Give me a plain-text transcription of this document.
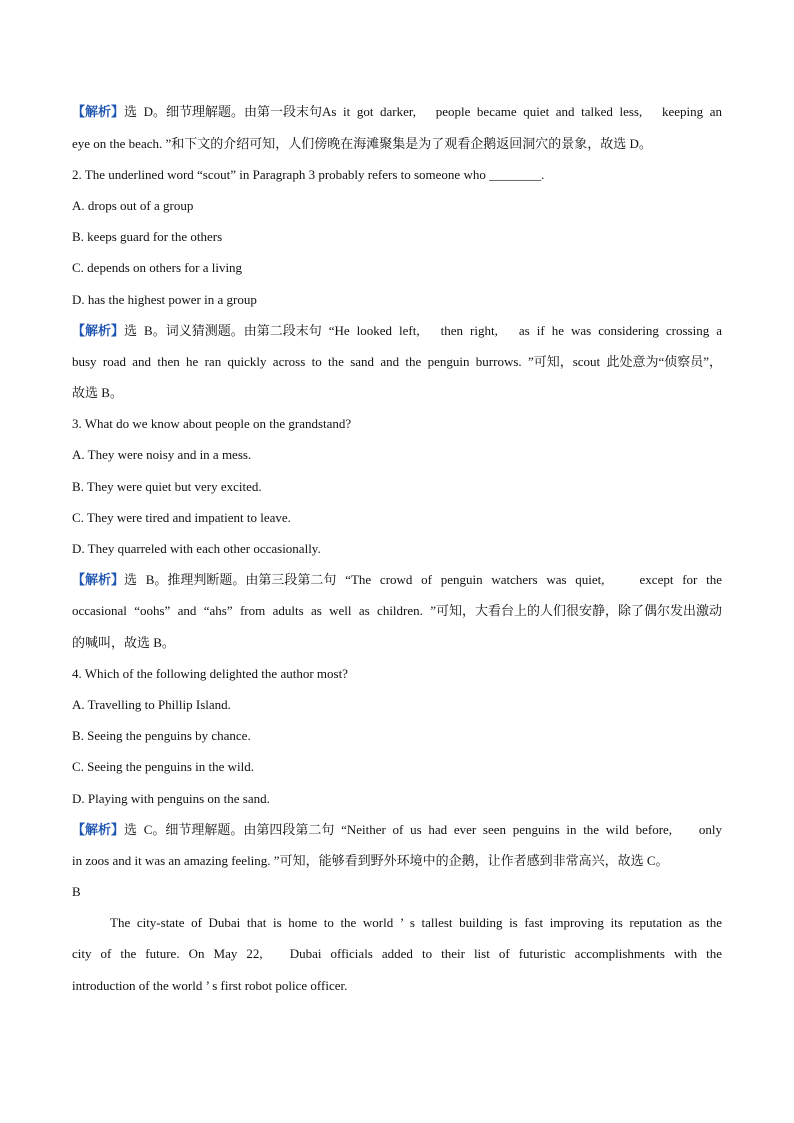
【解析】选 D。细节理解题。由第一段末句As it got darker,   people became quiet and talked less,   keeping an
eye on the beach. ”和下文的介绍可知，人们傍晚在海滩聚集是为了观看企鹅返回洞穴的景象，故选 D。
2. The underlined word “scout” in Paragraph 3 probably refers to someone who ________.
A. drops out of a group
B. keeps guard for the others
C. depends on others for a living
D. has the highest power in a group
【解析】选 B。词义猜测题。由第二段末句 “He looked left,   then right,   as if he was considering crossing a
busy road and then he ran quickly across to the sand and the penguin burrows. ”可知，scout 此处意为“侦察员”，
故选 B。
3. What do we know about people on the grandstand?
A. They were noisy and in a mess.
B. They were quiet but very excited.
C. They were tired and impatient to leave.
D. They quarreled with each other occasionally.
【解析】选 B。推理判断题。由第三段第二句 “The crowd of penguin watchers was quiet,    except for the
occasional “oohs” and “ahs” from adults as well as children. ”可知，大看台上的人们很安静，除了偶尔发出激动
的喊叫，故选 B。
4. Which of the following delighted the author most?
A. Travelling to Phillip Island.
B. Seeing the penguins by chance.
C. Seeing the penguins in the wild.
D. Playing with penguins on the sand.
【解析】选 C。细节理解题。由第四段第二句 “Neither of us had ever seen penguins in the wild before,    only
in zoos and it was an amazing feeling. ”可知，能够看到野外环境中的企鹅，让作者感到非常高兴，故选 C。
B
The city-state of Dubai that is home to the world ’ s tallest building is fast improving its reputation as the
city of the future. On May 22,   Dubai officials added to their list of futuristic accomplishments with the
introduction of the world ’ s first robot police officer.
